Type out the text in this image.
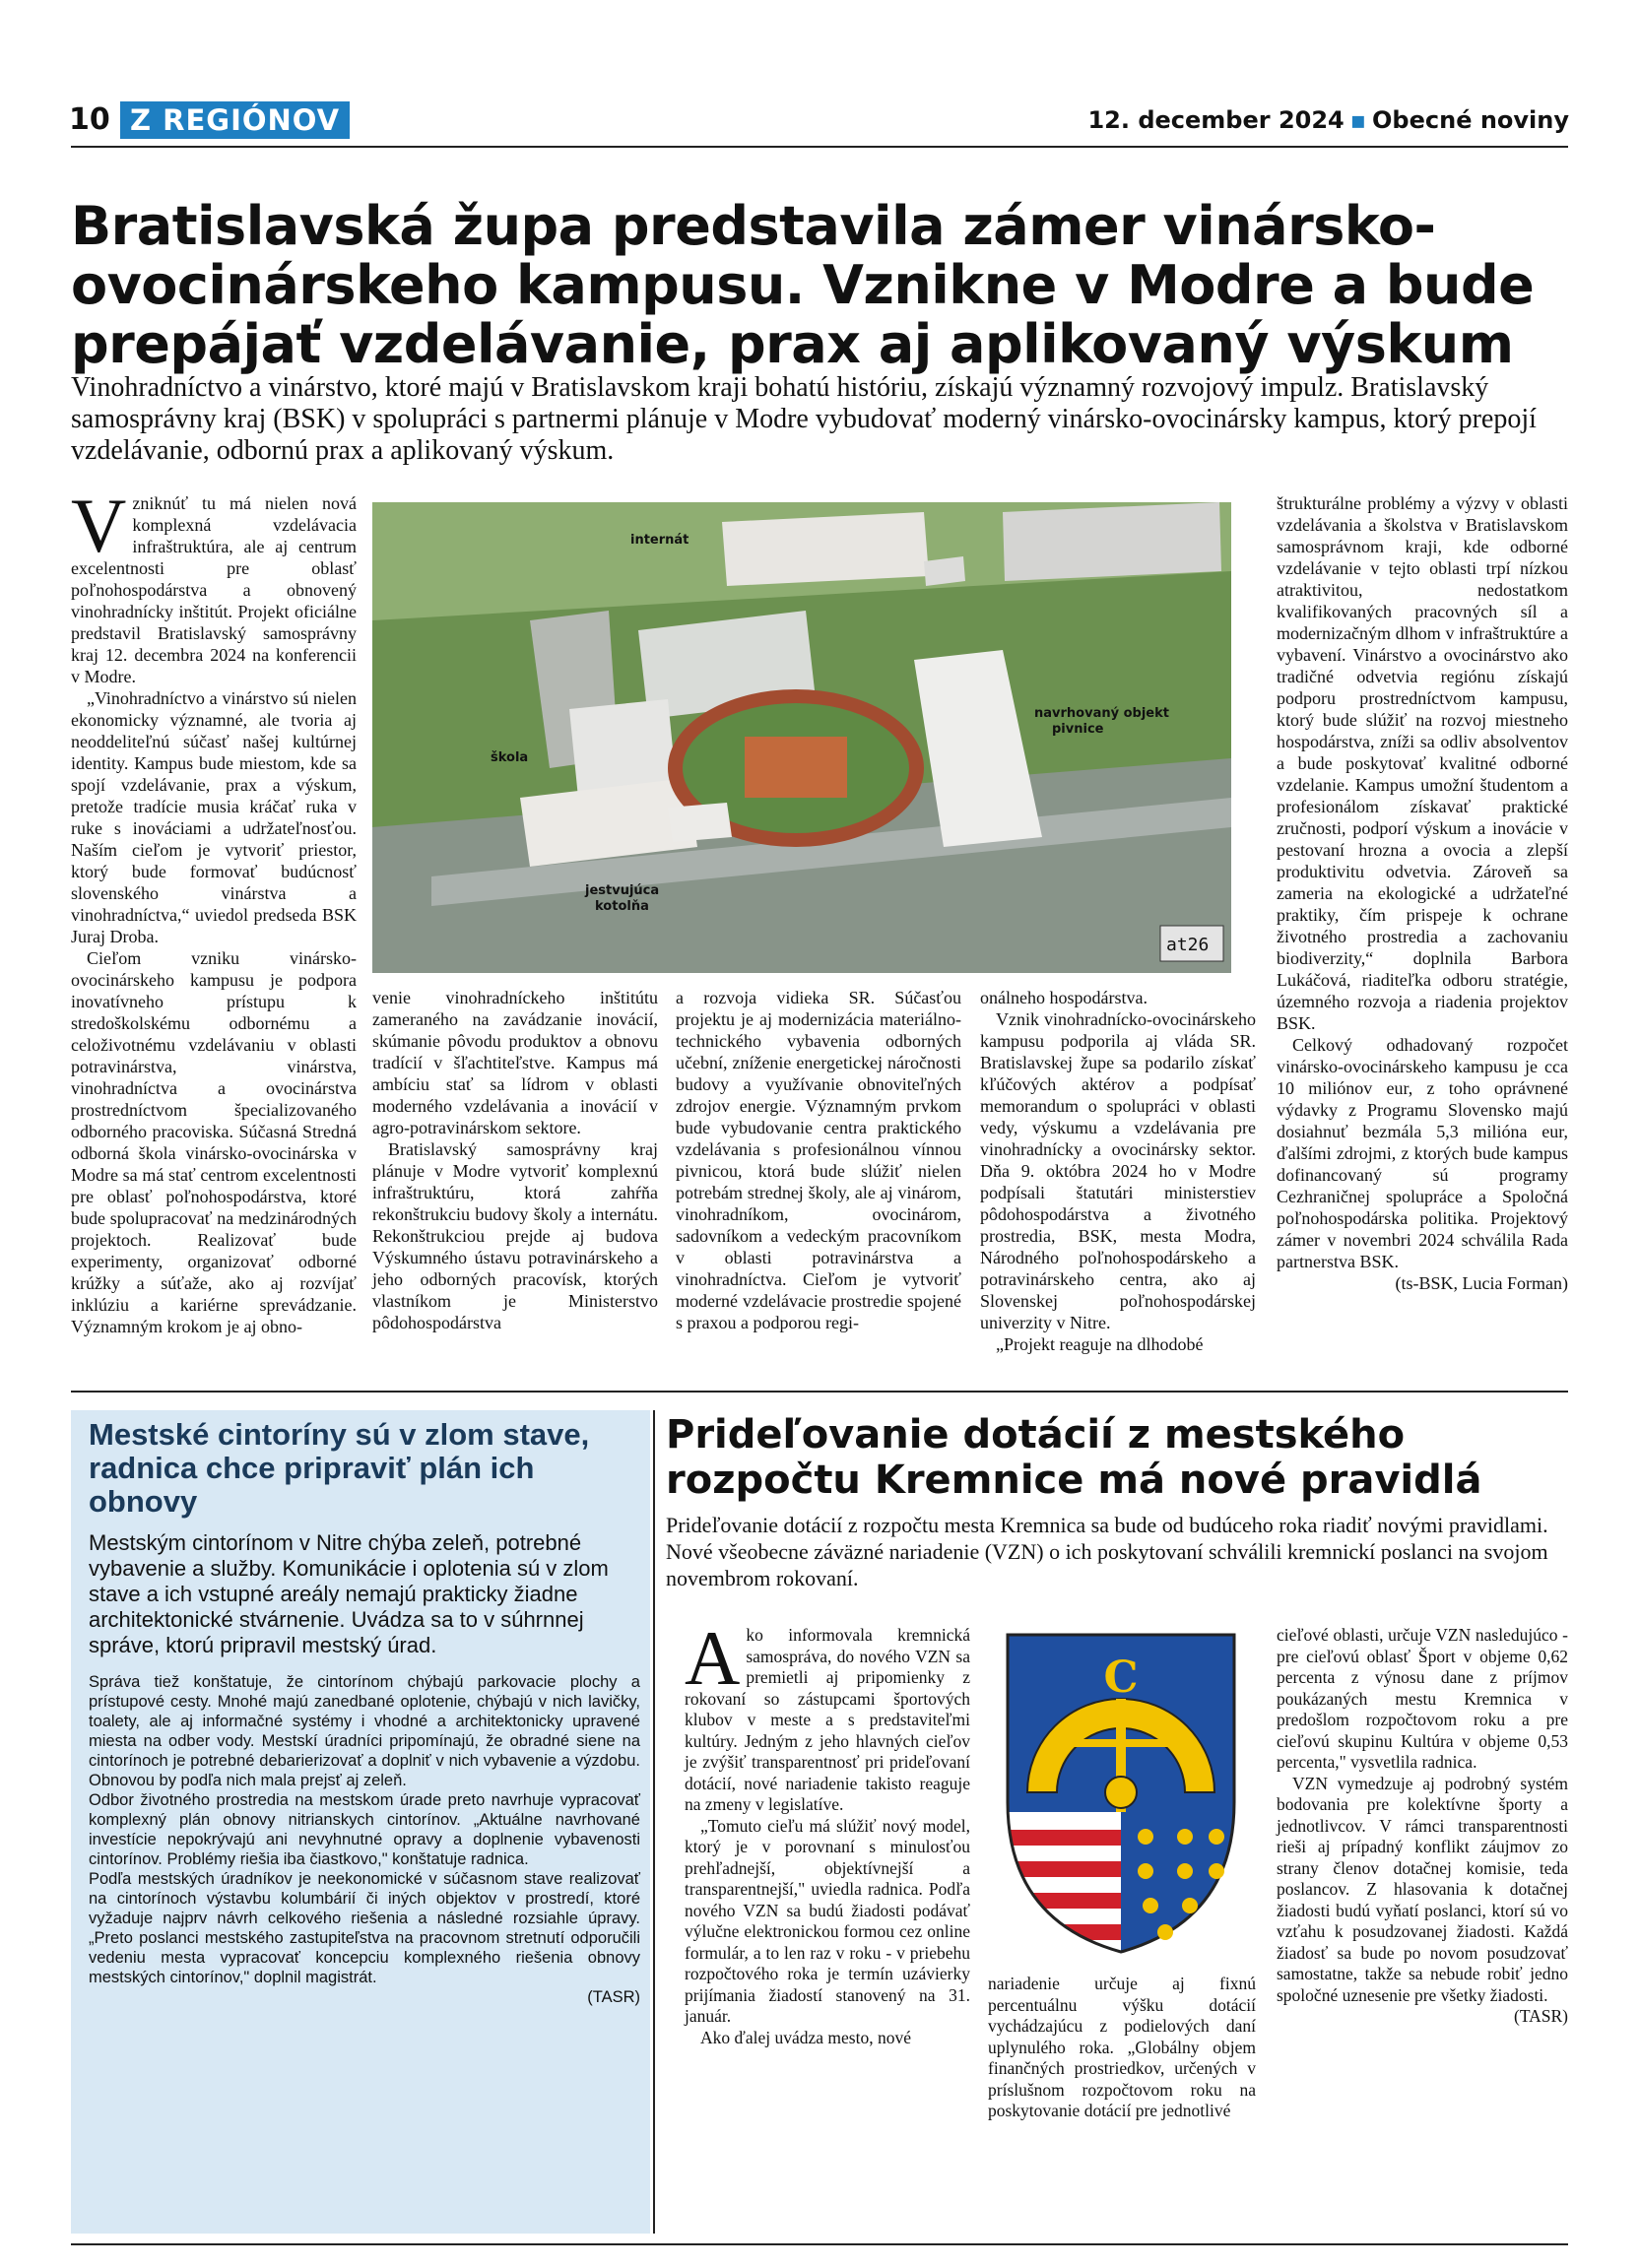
10 Z REGIÓNOV	12. december 2024 ▪ Obecné noviny
Bratislavská župa predstavila zámer vinársko-ovocinárskeho kampusu. Vznikne v Modre a bude prepájať vzdelávanie, prax aj aplikovaný výskum
Vinohradníctvo a vinárstvo, ktoré majú v Bratislavskom kraji bohatú históriu, získajú významný rozvojový impulz. Bratislavský samosprávny kraj (BSK) v spolupráci s partnermi plánuje v Modre vybudovať moderný vinársko-ovocinársky kampus, ktorý prepojí vzdelávanie, odbornú prax a aplikovaný výskum.

Vzniknúť tu má nielen nová komplexná vzdelávacia infraštruktúra, ale aj centrum excelentnosti pre oblasť poľnohospodárstva a obnovený vinohradnícky inštitút. Projekt oficiálne predstavil Bratislavský samosprávny kraj 12. decembra 2024 na konferencii v Modre.

„Vinohradníctvo a vinárstvo sú nielen ekonomicky významné, ale tvoria aj neoddeliteľnú súčasť našej kultúrnej identity. Kampus bude miestom, kde sa spojí vzdelávanie, prax a výskum, pretože tradície musia kráčať ruka v ruke s inováciami a udržateľnosťou. Naším cieľom je vytvoriť priestor, ktorý bude formovať budúcnosť slovenského vinárstva a vinohradníctva,“ uviedol predseda BSK Juraj Droba.

Cieľom vzniku vinársko-ovocinárskeho kampusu je podpora inovatívneho prístupu k stredoškolskému odbornému a celoživotnému vzdelávaniu v oblasti potravinárstva, vinárstva, vinohradníctva a ovocinárstva prostredníctvom špecializovaného odborného pracoviska. Súčasná Stredná odborná škola vinársko-ovocinárska v Modre sa má stať centrom excelentnosti pre oblasť poľnohospodárstva, ktoré bude spolupracovať na medzinárodných projektoch. Realizovať bude experimenty, organizovať odborné krúžky a súťaže, ako aj rozvíjať inklúziu a kariérne sprevádzanie. Významným krokom je aj obno-

internát
škola
navrhovaný objekt
pivnice
jestvujúca
kotolňa
at26

venie vinohradníckeho inštitútu zameraného na zavádzanie inovácií, skúmanie pôvodu produktov a obnovu tradícií v šľachtiteľstve. Kampus má ambíciu stať sa lídrom v oblasti moderného vzdelávania a inovácií v agro-potravinárskom sektore.

Bratislavský samosprávny kraj plánuje v Modre vytvoriť komplexnú infraštruktúru, ktorá zahŕňa rekonštrukciu budovy školy a internátu. Rekonštrukciou prejde aj budova Výskumného ústavu potravinárskeho a jeho odborných pracovísk, ktorých vlastníkom je Ministerstvo pôdohospodárstva

a rozvoja vidieka SR. Súčasťou projektu je aj modernizácia materiálno-technického vybavenia odborných učební, zníženie energetickej náročnosti budovy a využívanie obnoviteľných zdrojov energie. Významným prvkom bude vybudovanie centra praktického vzdelávania s profesionálnou vínnou pivnicou, ktorá bude slúžiť nielen potrebám strednej školy, ale aj vinárom, vinohradníkom, ovocinárom, sadovníkom a vedeckým pracovníkom v oblasti potravinárstva a vinohradníctva. Cieľom je vytvoriť moderné vzdelávacie prostredie spojené s praxou a podporou regi-

onálneho hospodárstva.

Vznik vinohradnícko-ovocinárskeho kampusu podporila aj vláda SR. Bratislavskej župe sa podarilo získať kľúčových aktérov a podpísať memorandum o spolupráci v oblasti vedy, výskumu a vzdelávania pre vinohradnícky a ovocinársky sektor. Dňa 9. októbra 2024 ho v Modre podpísali štatutári ministerstiev pôdohospodárstva a životného prostredia, BSK, mesta Modra, Národného poľnohospodárskeho a potravinárskeho centra, ako aj Slovenskej poľnohospodárskej univerzity v Nitre.

„Projekt reaguje na dlhodobé

štrukturálne problémy a výzvy v oblasti vzdelávania a školstva v Bratislavskom samosprávnom kraji, kde odborné vzdelávanie v tejto oblasti trpí nízkou atraktivitou, nedostatkom kvalifikovaných pracovných síl a modernizačným dlhom v infraštruktúre a vybavení. Vinárstvo a ovocinárstvo ako tradičné odvetvia regiónu získajú podporu prostredníctvom kampusu, ktorý bude slúžiť na rozvoj miestneho hospodárstva, zníži sa odliv absolventov a bude poskytovať kvalitné odborné vzdelanie. Kampus umožní študentom a profesionálom získavať praktické zručnosti, podporí výskum a inovácie v pestovaní hrozna a ovocia a zlepší produktivitu odvetvia. Zároveň sa zameria na ekologické a udržateľné praktiky, čím prispeje k ochrane životného prostredia a zachovaniu biodiverzity,“ doplnila Barbora Lukáčová, riaditeľka odboru stratégie, územného rozvoja a riadenia projektov BSK.

Celkový odhadovaný rozpočet vinársko-ovocinárskeho kampusu je cca 10 miliónov eur, z toho oprávnené výdavky z Programu Slovensko majú dosiahnuť bezmála 5,3 milióna eur, ďalšími zdrojmi, z ktorých bude kampus dofinancovaný sú programy Cezhraničnej spolupráce a Spoločná poľnohospodárska politika. Projektový zámer v novembri 2024 schválila Rada partnerstva BSK.

(ts-BSK, Lucia Forman)

Mestské cintoríny sú v zlom stave, radnica chce pripraviť plán ich obnovy
Mestským cintorínom v Nitre chýba zeleň, potrebné vybavenie a služby. Komunikácie i oplotenia sú v zlom stave a ich vstupné areály nemajú prakticky žiadne architektonické stvárnenie. Uvádza sa to v súhrnnej správe, ktorú pripravil mestský úrad.

Správa tiež konštatuje, že cintorínom chýbajú parkovacie plochy a prístupové cesty. Mnohé majú zanedbané oplotenie, chýbajú v nich lavičky, toalety, ale aj informačné systémy i vhodné a architektonicky upravené miesta na odber vody. Mestskí úradníci pripomínajú, že obradné siene na cintorínoch je potrebné debarierizovať a doplniť v nich vybavenie a výzdobu. Obnovou by podľa nich mala prejsť aj zeleň.

Odbor životného prostredia na mestskom úrade preto navrhuje vypracovať komplexný plán obnovy nitrianskych cintorínov. „Aktuálne navrhované investície nepokrývajú ani nevyhnutné opravy a doplnenie vybavenosti cintorínov. Problémy riešia iba čiastkovo," konštatuje radnica.

Podľa mestských úradníkov je neekonomické v súčasnom stave realizovať na cintorínoch výstavbu kolumbárií či iných objektov v prostredí, ktoré vyžaduje najprv návrh celkového riešenia a následné rozsiahle úpravy. „Preto poslanci mestského zastupiteľstva na pracovnom stretnutí odporučili vedeniu mesta vypracovať koncepciu komplexného riešenia obnovy mestských cintorínov," doplnil magistrát.

(TASR)

Prideľovanie dotácií z mestského rozpočtu Kremnice má nové pravidlá
Prideľovanie dotácií z rozpočtu mesta Kremnica sa bude od budúceho roka riadiť novými pravidlami. Nové všeobecne záväzné nariadenie (VZN) o ich poskytovaní schválili kremnickí poslanci na svojom novembrom rokovaní.

Ako informovala kremnická samospráva, do nového VZN sa premietli aj pripomienky z rokovaní so zástupcami športových klubov v meste a s predstaviteľmi kultúry. Jedným z jeho hlavných cieľov je zvýšiť transparentnosť pri prideľovaní dotácií, nové nariadenie takisto reaguje na zmeny v legislatíve.

„Tomuto cieľu má slúžiť nový model, ktorý je v porovnaní s minulosťou prehľadnejší, objektívnejší a transparentnejší," uviedla radnica. Podľa nového VZN sa budú žiadosti podávať výlučne elektronickou formou cez online formulár, a to len raz v roku - v priebehu rozpočtového roka je termín uzávierky prijímania žiadostí stanovený na 31. január.

Ako ďalej uvádza mesto, nové

C

nariadenie určuje aj fixnú percentuálnu výšku dotácií vychádzajúcu z podielových daní uplynulého roka. „Globálny objem finančných prostriedkov, určených v príslušnom rozpočtovom roku na poskytovanie dotácií pre jednotlivé

cieľové oblasti, určuje VZN nasledujúco - pre cieľovú oblasť Šport v objeme 0,62 percenta z výnosu dane z príjmov poukázaných mestu Kremnica v predošlom rozpočtovom roku a pre cieľovú skupinu Kultúra v objeme 0,53 percenta," vysvetlila radnica.

VZN vymedzuje aj podrobný systém bodovania pre kolektívne športy a jednotlivcov. V rámci transparentnosti rieši aj prípadný konflikt záujmov zo strany členov dotačnej komisie, teda poslancov. Z hlasovania k dotačnej žiadosti budú vyňatí poslanci, ktorí sú vo vzťahu k posudzovanej žiadosti. Každá žiadosť sa bude po novom posudzovať samostatne, takže sa nebude robiť jedno spoločné uznesenie pre všetky žiadosti.

(TASR)
